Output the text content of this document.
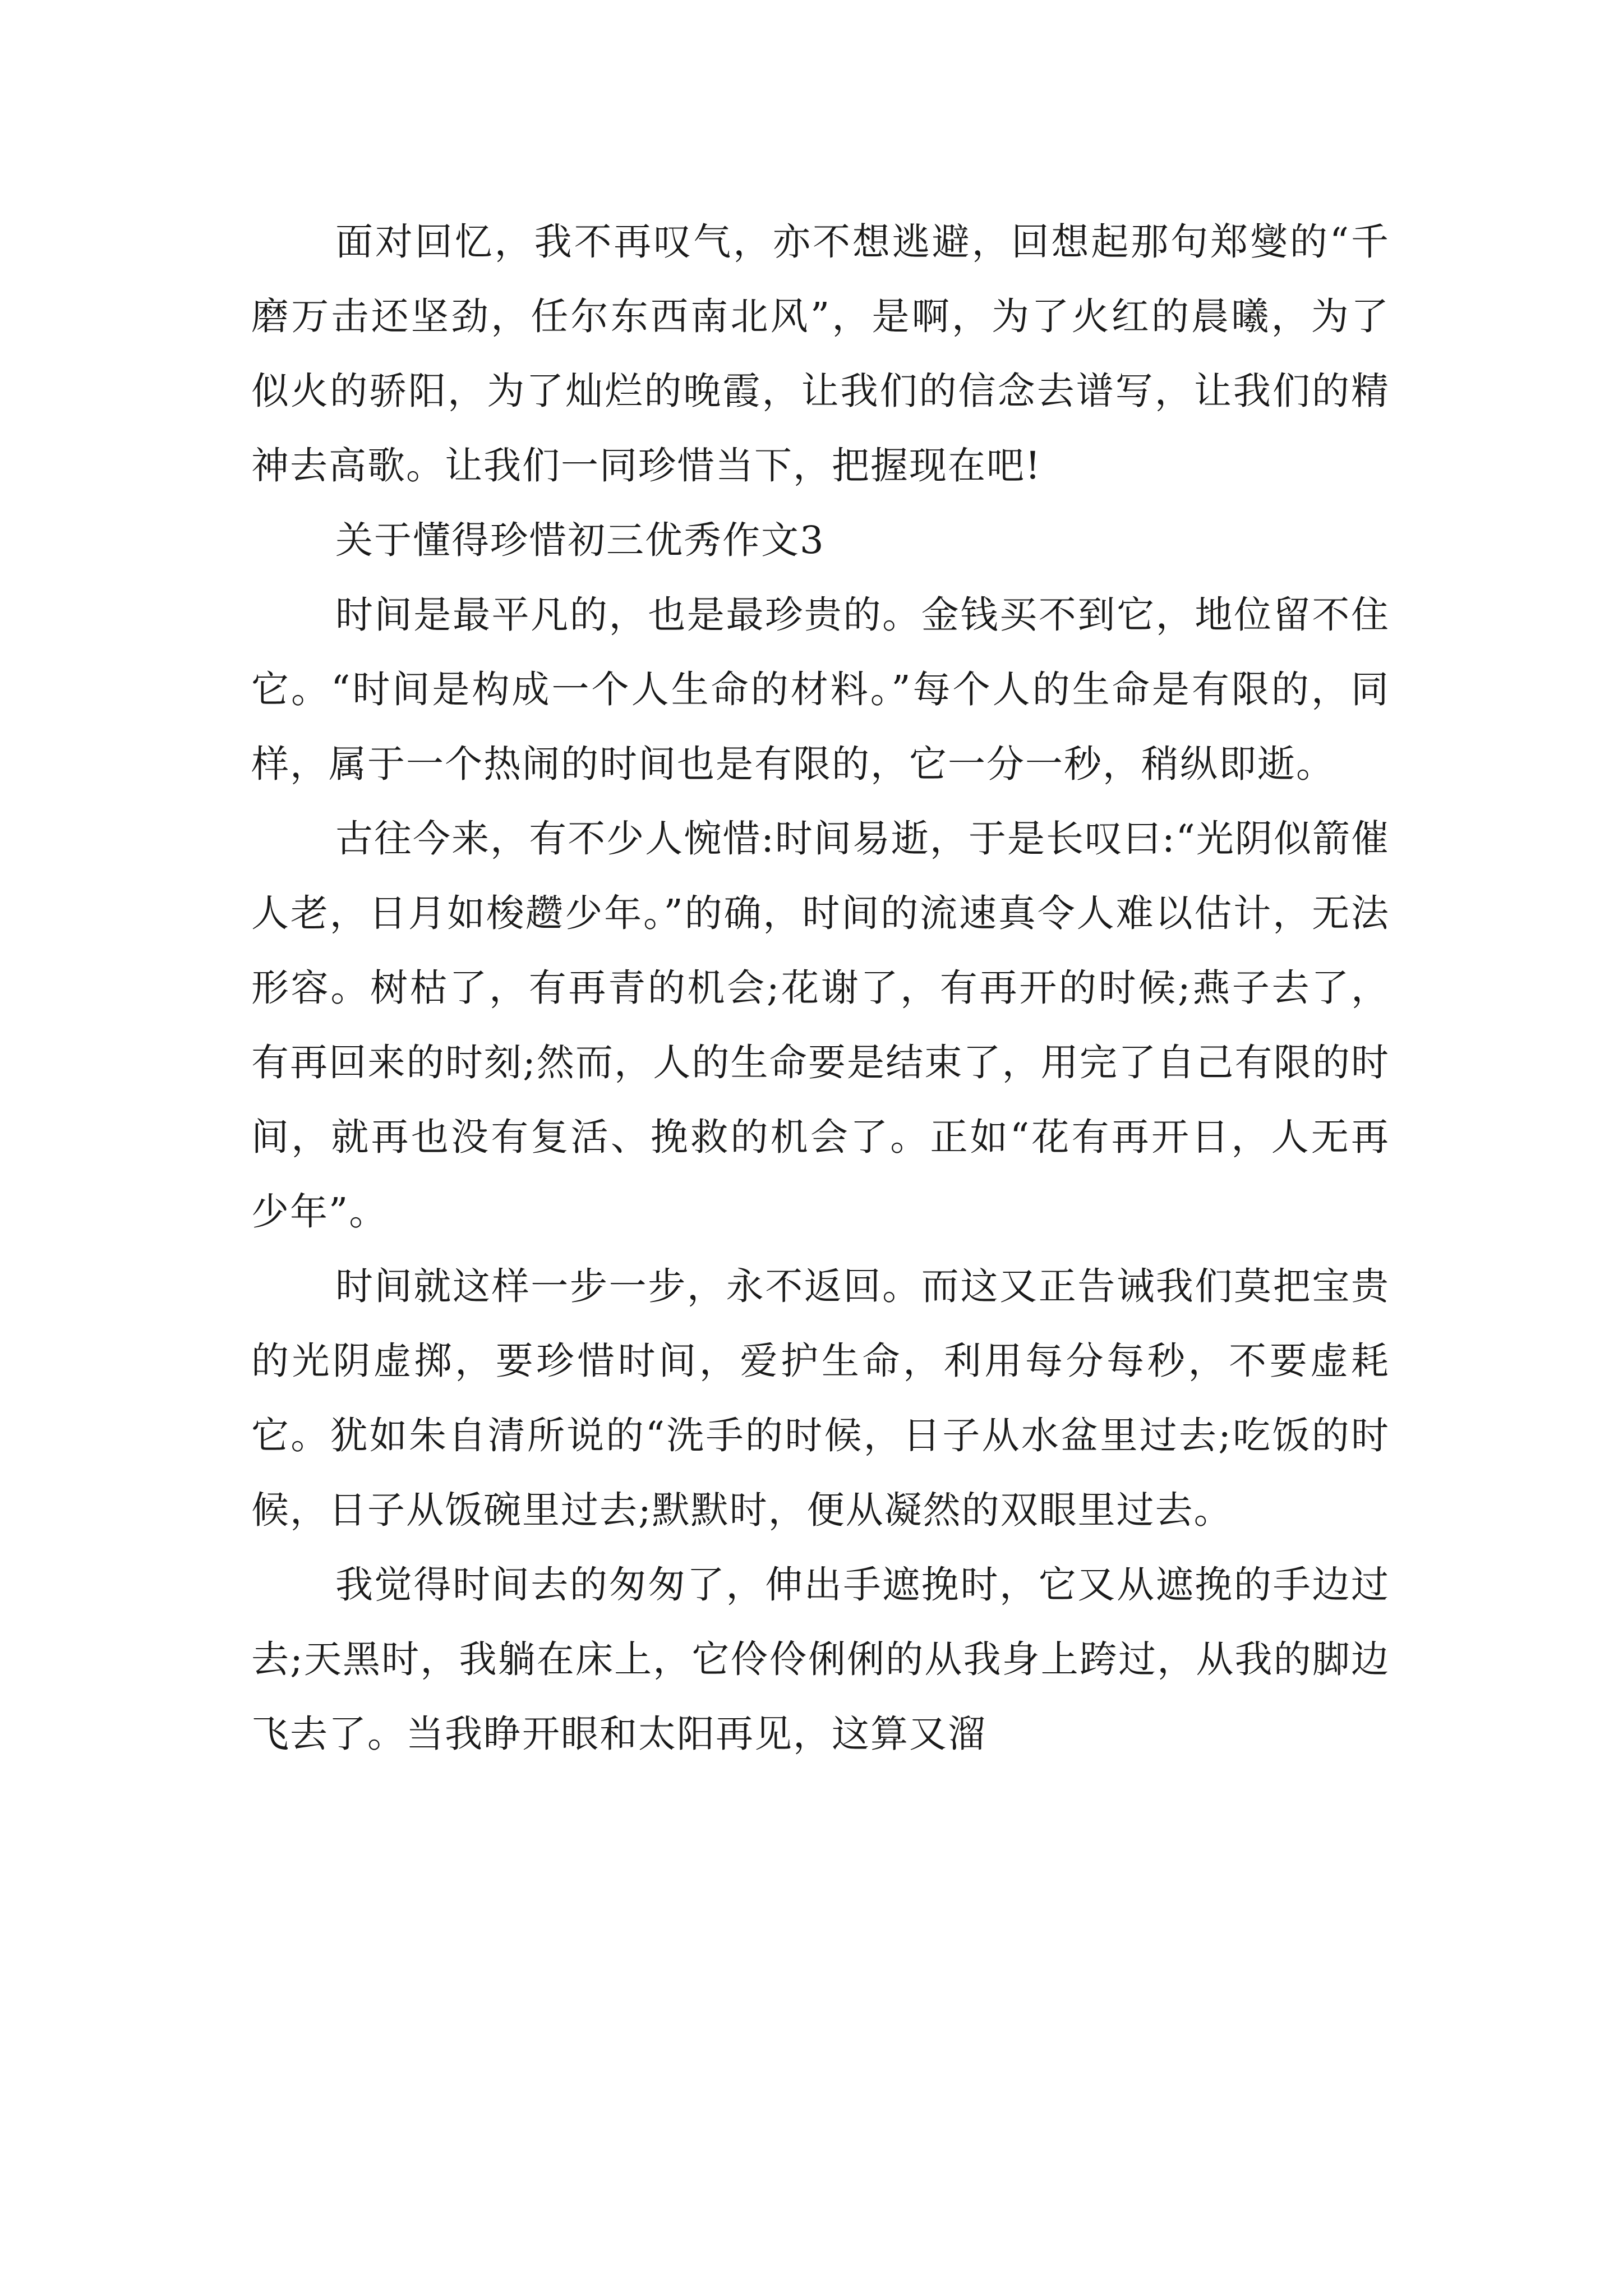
面对回忆，我不再叹气，亦不想逃避，回想起那句郑燮的“千磨万击还坚劲，任尔东西南北风”，是啊，为了火红的晨曦，为了似火的骄阳，为了灿烂的晚霞，让我们的信念去谱写，让我们的精神去高歌。让我们一同珍惜当下，把握现在吧!

关于懂得珍惜初三优秀作文3

时间是最平凡的，也是最珍贵的。金钱买不到它，地位留不住它。“时间是构成一个人生命的材料。”每个人的生命是有限的，同样，属于一个热闹的时间也是有限的，它一分一秒，稍纵即逝。

古往今来，有不少人惋惜:时间易逝，于是长叹曰:“光阴似箭催人老，日月如梭趱少年。”的确，时间的流速真令人难以估计，无法形容。树枯了，有再青的机会;花谢了，有再开的时候;燕子去了，有再回来的时刻;然而，人的生命要是结束了，用完了自己有限的时间，就再也没有复活、挽救的机会了。正如“花有再开日，人无再少年”。

时间就这样一步一步，永不返回。而这又正告诫我们莫把宝贵的光阴虚掷，要珍惜时间，爱护生命，利用每分每秒，不要虚耗它。犹如朱自清所说的“洗手的时候，日子从水盆里过去;吃饭的时候，日子从饭碗里过去;默默时，便从凝然的双眼里过去。

我觉得时间去的匆匆了，伸出手遮挽时，它又从遮挽的手边过去;天黑时，我躺在床上，它伶伶俐俐的从我身上跨过，从我的脚边飞去了。当我睁开眼和太阳再见，这算又溜
